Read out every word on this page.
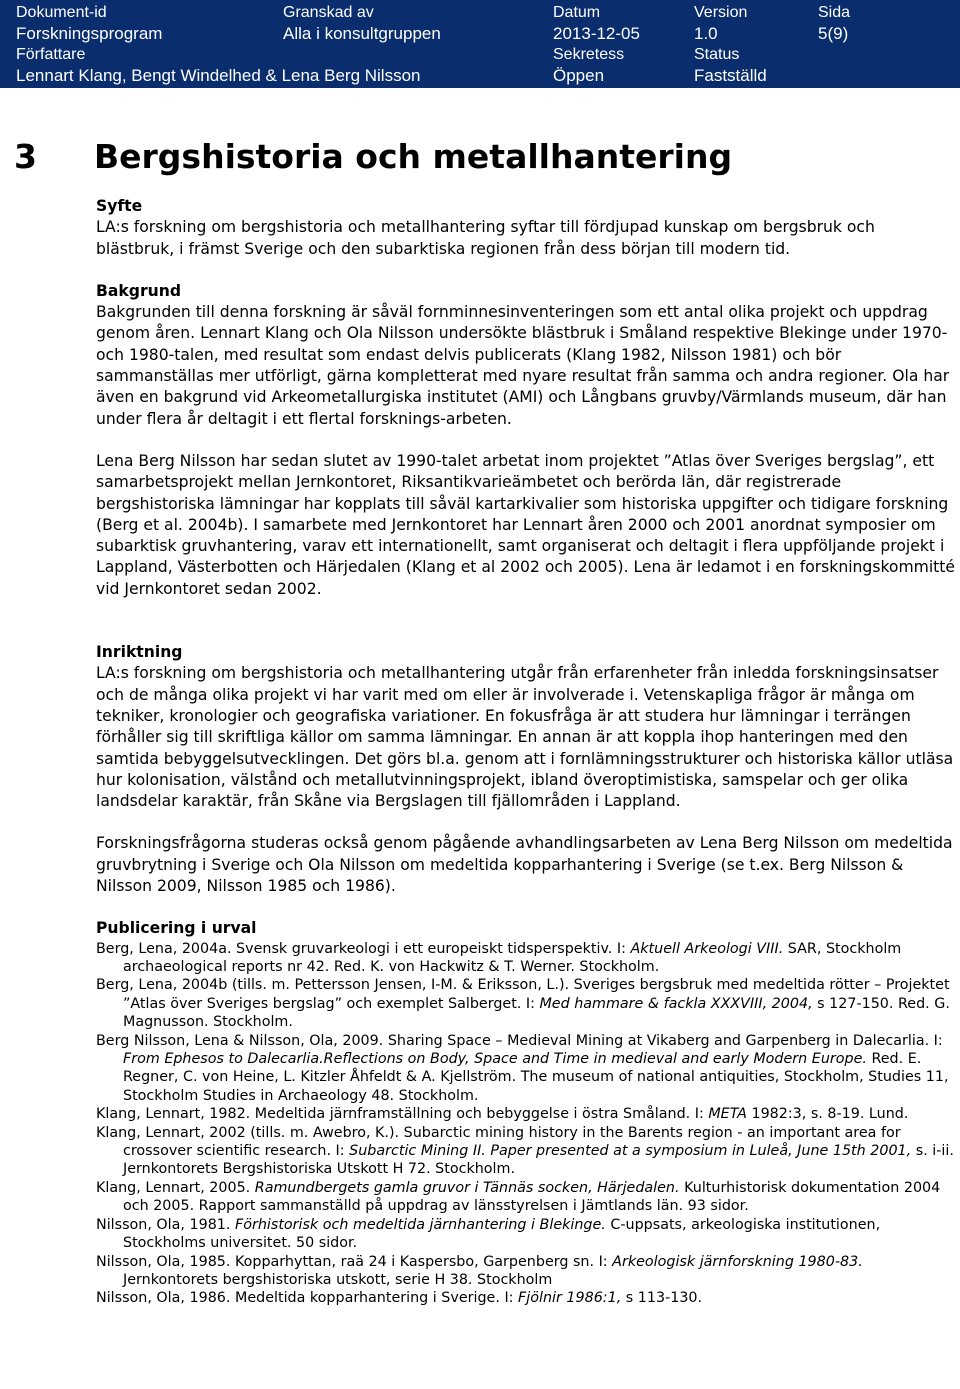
Dokument-id
Forskningsprogram
Granskad av
Alla i konsultgruppen
Datum
2013-12-05
Version
1.0
Sida
5(9)
Författare
Lennart Klang, Bengt Windelhed & Lena Berg Nilsson
Sekretess
Öppen
Status
Fastställd
3 Bergshistoria och metallhantering

Syfte

LA:s forskning om bergshistoria och metallhantering syftar till fördjupad kunskap om bergsbruk och blästbruk, i främst Sverige och den subarktiska regionen från dess början till modern tid.

Bakgrund

Bakgrunden till denna forskning är såväl fornminnesinventeringen som ett antal olika projekt och uppdrag genom åren. Lennart Klang och Ola Nilsson undersökte blästbruk i Småland respektive Blekinge under 1970- och 1980-talen, med resultat som endast delvis publicerats (Klang 1982, Nilsson 1981) och bör sammanställas mer utförligt, gärna kompletterat med nyare resultat från samma och andra regioner. Ola har även en bakgrund vid Arkeometallurgiska institutet (AMI) och Långbans gruvby/Värmlands museum, där han under flera år deltagit i ett flertal forsknings-arbeten.

Lena Berg Nilsson har sedan slutet av 1990-talet arbetat inom projektet ”Atlas över Sveriges bergslag”, ett samarbetsprojekt mellan Jernkontoret, Riksantikvarieämbetet och berörda län, där registrerade bergshistoriska lämningar har kopplats till såväl kartarkivalier som historiska uppgifter och tidigare forskning (Berg et al. 2004b). I samarbete med Jernkontoret har Lennart åren 2000 och 2001 anordnat symposier om subarktisk gruvhantering, varav ett internationellt, samt organiserat och deltagit i flera uppföljande projekt i Lappland, Västerbotten och Härjedalen (Klang et al 2002 och 2005). Lena är ledamot i en forskningskommitté vid Jernkontoret sedan 2002.

Inriktning

LA:s forskning om bergshistoria och metallhantering utgår från erfarenheter från inledda forskningsinsatser och de många olika projekt vi har varit med om eller är involverade i. Vetenskapliga frågor är många om tekniker, kronologier och geografiska variationer. En fokusfråga är att studera hur lämningar i terrängen förhåller sig till skriftliga källor om samma lämningar. En annan är att koppla ihop hanteringen med den samtida bebyggelsutvecklingen. Det görs bl.a. genom att i fornlämningsstrukturer och historiska källor utläsa hur kolonisation, välstånd och metallutvinningsprojekt, ibland överoptimistiska, samspelar och ger olika landsdelar karaktär, från Skåne via Bergslagen till fjällområden i Lappland.

Forskningsfrågorna studeras också genom pågående avhandlingsarbeten av Lena Berg Nilsson om medeltida gruvbrytning i Sverige och Ola Nilsson om medeltida kopparhantering i Sverige (se t.ex. Berg Nilsson & Nilsson 2009, Nilsson 1985 och 1986).

Publicering i urval

Berg, Lena, 2004a. Svensk gruvarkeologi i ett europeiskt tidsperspektiv. I: Aktuell Arkeologi VIII. SAR, Stockholm archaeological reports nr 42. Red. K. von Hackwitz & T. Werner. Stockholm.

Berg, Lena, 2004b (tills. m. Pettersson Jensen, I-M. & Eriksson, L.). Sveriges bergsbruk med medeltida rötter – Projektet ”Atlas över Sveriges bergslag” och exemplet Salberget. I: Med hammare & fackla XXXVIII, 2004, s 127-150. Red. G. Magnusson. Stockholm.

Berg Nilsson, Lena & Nilsson, Ola, 2009. Sharing Space – Medieval Mining at Vikaberg and Garpenberg in Dalecarlia. I: From Ephesos to Dalecarlia.Reflections on Body, Space and Time in medieval and early Modern Europe. Red. E. Regner, C. von Heine, L. Kitzler Åhfeldt & A. Kjellström. The museum of national antiquities, Stockholm, Studies 11, Stockholm Studies in Archaeology 48. Stockholm.

Klang, Lennart, 1982. Medeltida järnframställning och bebyggelse i östra Småland. I: META 1982:3, s. 8-19. Lund.

Klang, Lennart, 2002 (tills. m. Awebro, K.). Subarctic mining history in the Barents region - an important area for crossover scientific research. I: Subarctic Mining II. Paper presented at a symposium in Luleå, June 15th 2001, s. i-ii. Jernkontorets Bergshistoriska Utskott H 72. Stockholm.

Klang, Lennart, 2005. Ramundbergets gamla gruvor i Tännäs socken, Härjedalen. Kulturhistorisk dokumentation 2004 och 2005. Rapport sammanställd på uppdrag av länsstyrelsen i Jämtlands län. 93 sidor.

Nilsson, Ola, 1981. Förhistorisk och medeltida järnhantering i Blekinge. C-uppsats, arkeologiska institutionen, Stockholms universitet. 50 sidor.

Nilsson, Ola, 1985. Kopparhyttan, raä 24 i Kaspersbo, Garpenberg sn. I: Arkeologisk järnforskning 1980-83. Jernkontorets bergshistoriska utskott, serie H 38. Stockholm

Nilsson, Ola, 1986. Medeltida kopparhantering i Sverige. I: Fjölnir 1986:1, s 113-130.
